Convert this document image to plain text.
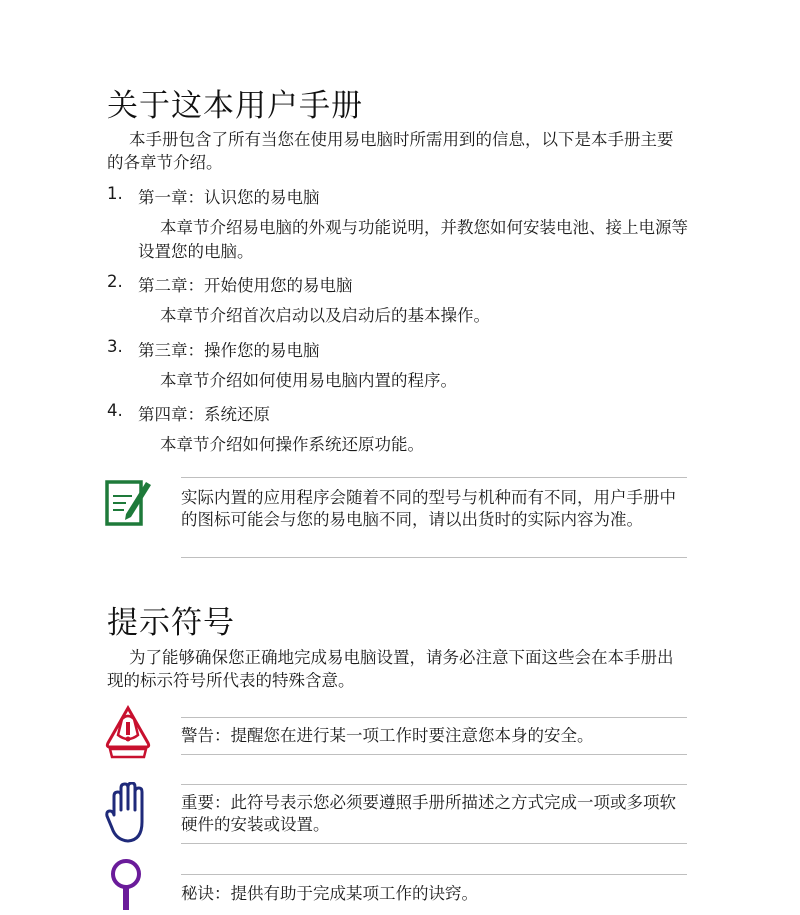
关于这本用户手册

本手册包含了所有当您在使用易电脑时所需用到的信息，以下是本手册主要的各章节介绍。

1. 第一章：认识您的易电脑
本章节介绍易电脑的外观与功能说明，并教您如何安装电池、接上电源等设置您的电脑。
2. 第二章：开始使用您的易电脑
本章节介绍首次启动以及启动后的基本操作。
3. 第三章：操作您的易电脑
本章节介绍如何使用易电脑内置的程序。
4. 第四章：系统还原
本章节介绍如何操作系统还原功能。
实际内置的应用程序会随着不同的型号与机种而有不同，用户手册中的图标可能会与您的易电脑不同，请以出货时的实际内容为准。
提示符号

为了能够确保您正确地完成易电脑设置，请务必注意下面这些会在本手册出现的标示符号所代表的特殊含意。

警告：提醒您在进行某一项工作时要注意您本身的安全。
重要：此符号表示您必须要遵照手册所描述之方式完成一项或多项软硬件的安装或设置。
秘诀：提供有助于完成某项工作的诀窍。
